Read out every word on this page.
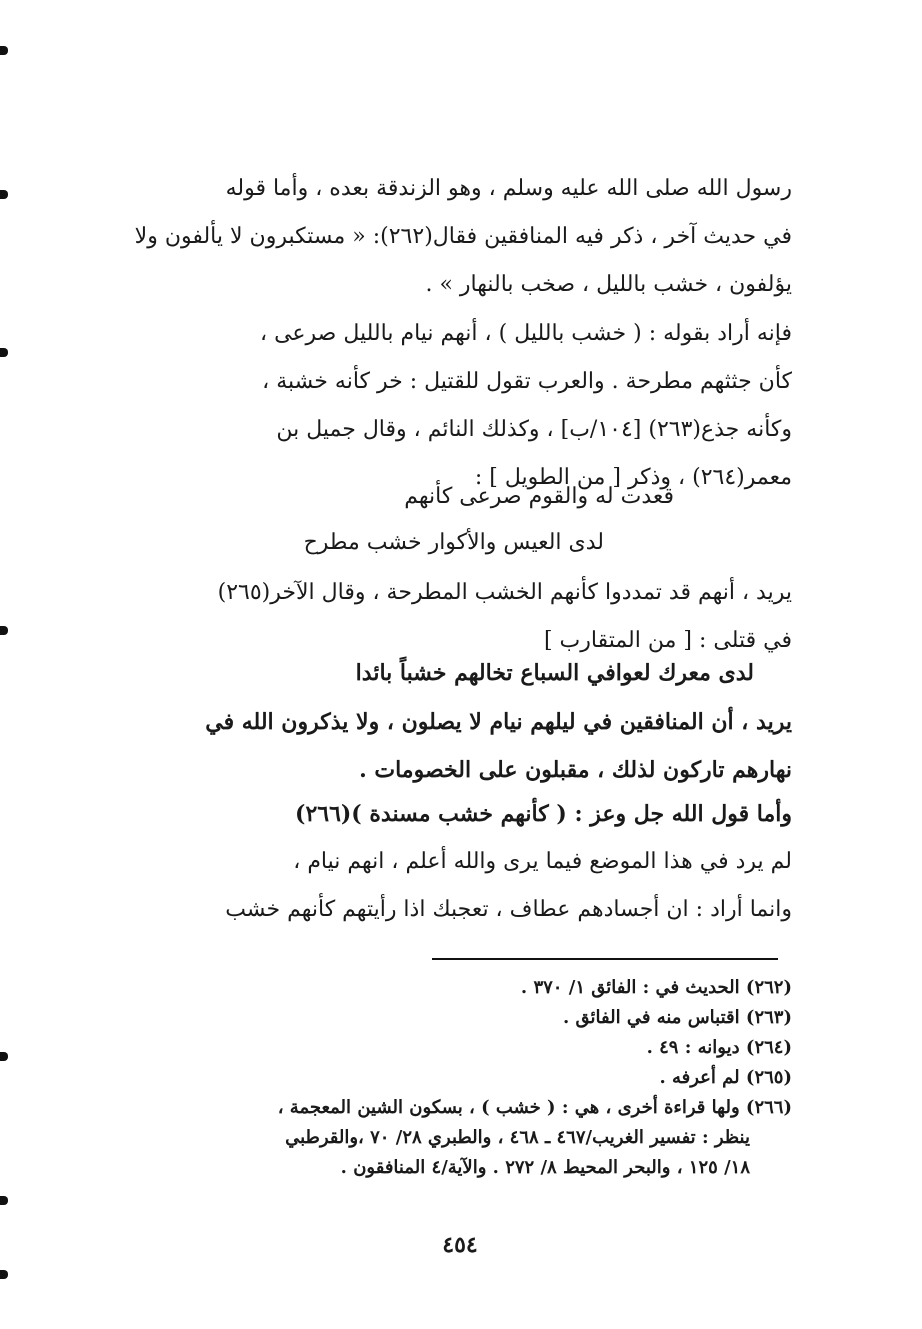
رسول الله صلى الله عليه وسلم ، وهو الزندقة بعده ، وأما قوله
في حديث آخر ، ذكر فيه المنافقين فقال(٢٦٢): « مستكبرون لا يألفون ولا
يؤلفون ، خشب بالليل ، صخب بالنهار » .
فإنه أراد بقوله : ( خشب بالليل ) ، أنهم نيام بالليل صرعى ،
كأن جثثهم مطرحة . والعرب تقول للقتيل : خر كأنه خشبة ،
وكأنه جذع(٢٦٣) [١٠٤/ب] ، وكذلك النائم ، وقال جميل بن
معمر(٢٦٤) ، وذكر [ من الطويل ] :
قعدت له والقوم صرعى كأنهم
لدى العيس والأكوار خشب مطرح
يريد ، أنهم قد تمددوا كأنهم الخشب المطرحة ، وقال الآخر(٢٦٥)
في قتلى : [ من المتقارب ]
لدى معرك لعوافي السباع تخالهم خشباً بائدا
يريد ، أن المنافقين في ليلهم نيام لا يصلون ، ولا يذكرون الله في
نهارهم تاركون لذلك ، مقبلون على الخصومات .
وأما قول الله جل وعز : ( كأنهم خشب مسندة )(٢٦٦)
لم يرد في هذا الموضع فيما يرى والله أعلم ، انهم نيام ،
وانما أراد : ان أجسادهم عطاف ، تعجبك اذا رأيتهم كأنهم خشب
(٢٦٢) الحديث في : الفائق ١/ ٣٧٠ .
(٢٦٣) اقتباس منه في الفائق .
(٢٦٤) ديوانه : ٤٩ .
(٢٦٥) لم أعرفه .
(٢٦٦) ولها قراءة أخرى ، هي : ( خشب ) ، بسكون الشين المعجمة ،
ينظر : تفسير الغريب/٤٦٧ ـ ٤٦٨ ، والطبري ٢٨/ ٧٠ ،والقرطبي
١٨/ ١٢٥ ، والبحر المحيط ٨/ ٢٧٢ . والآية/٤ المنافقون .
٤٥٤
